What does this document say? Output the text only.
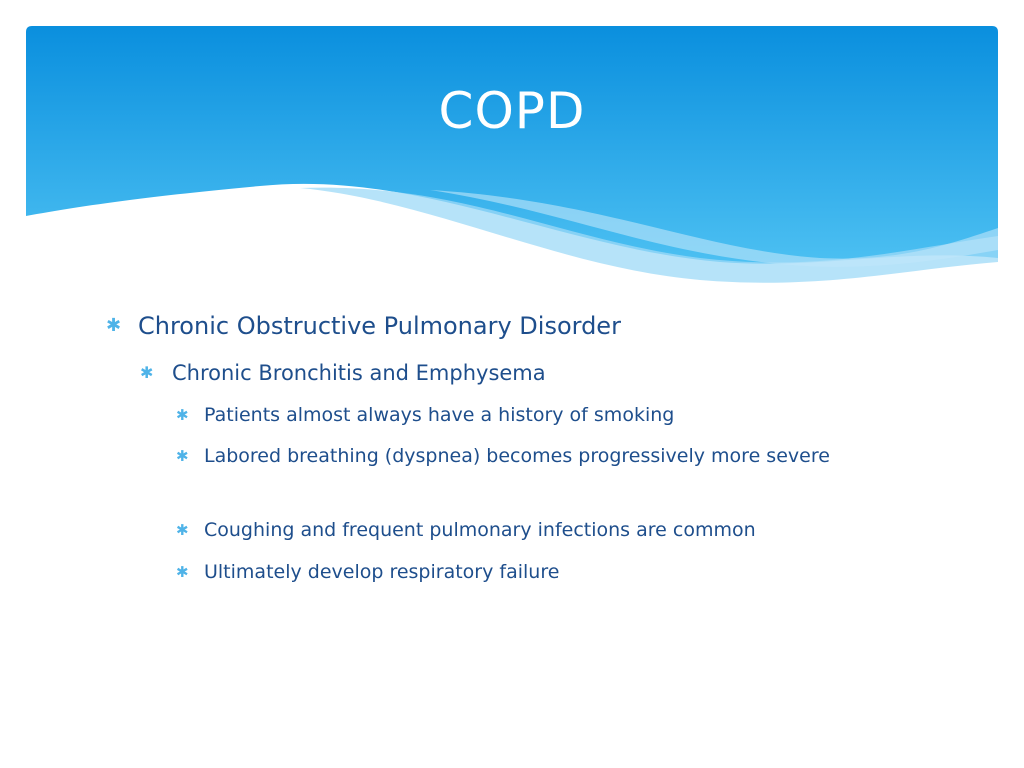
COPD
✱ Chronic Obstructive Pulmonary Disorder
✱ Chronic Bronchitis and Emphysema
✱ Patients almost always have a history of smoking
✱ Labored breathing (dyspnea) becomes progressively more severe
✱ Coughing and frequent pulmonary infections are common
✱ Ultimately develop respiratory failure
